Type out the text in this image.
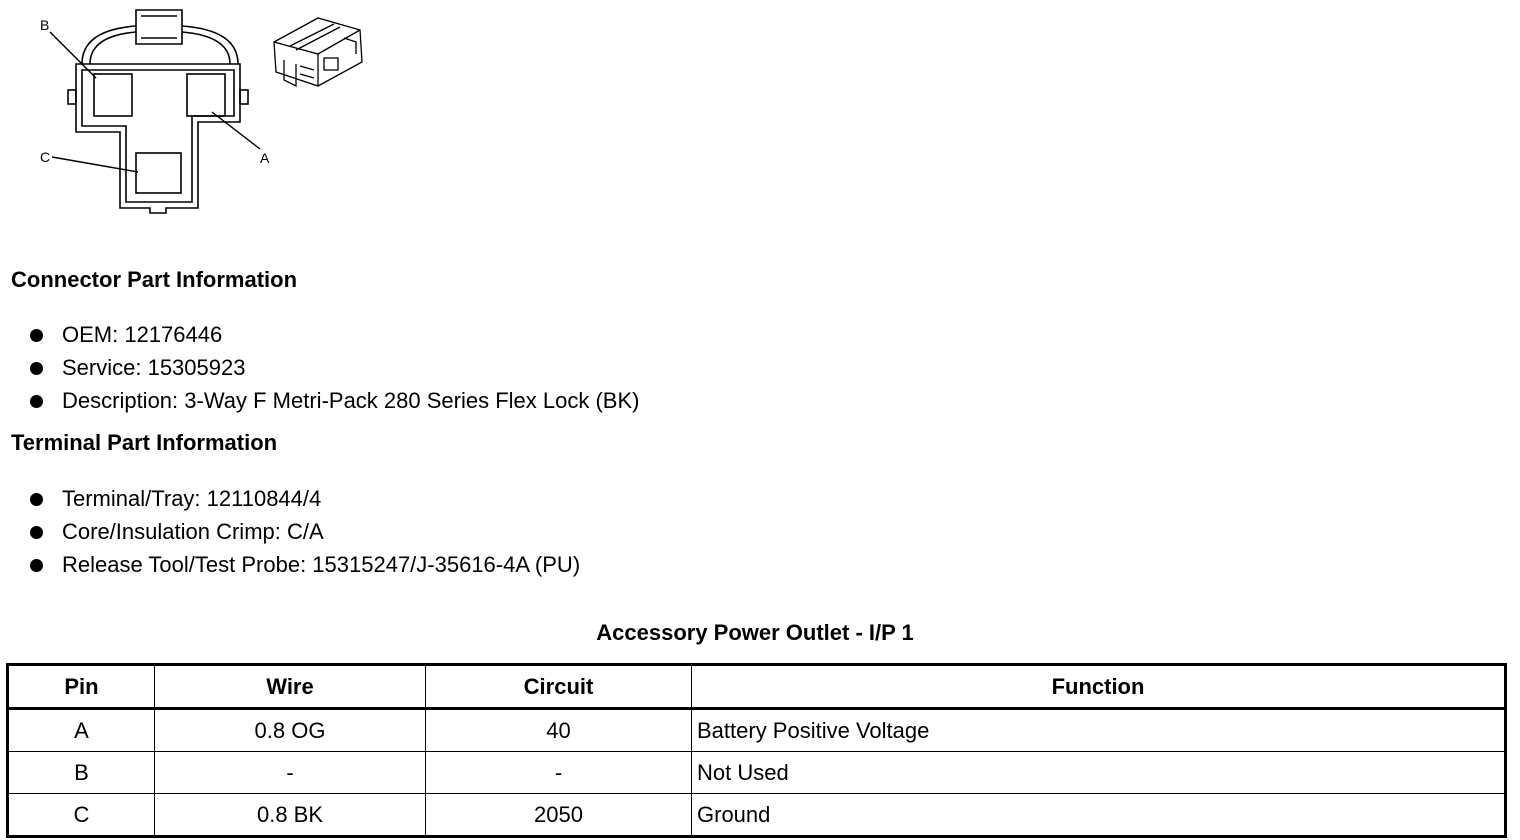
B
A
C
Connector Part Information
OEM: 12176446
Service: 15305923
Description: 3-Way F Metri-Pack 280 Series Flex Lock (BK)
Terminal Part Information
Terminal/Tray: 12110844/4
Core/Insulation Crimp: C/A
Release Tool/Test Probe: 15315247/J-35616-4A (PU)
Accessory Power Outlet - I/P 1
Pin	Wire	Circuit	Function
A	0.8 OG	40	Battery Positive Voltage
B	-	-	Not Used
C	0.8 BK	2050	Ground
